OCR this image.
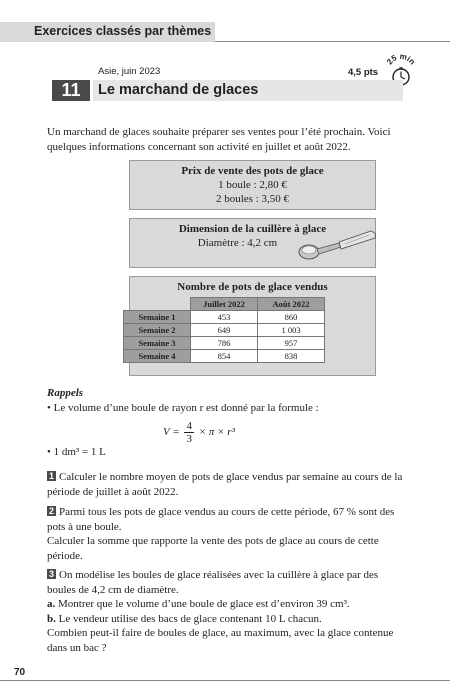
Exercices classés par thèmes
Asie, juin 2023	4,5 pts
25 min
11	Le marchand de glaces
Un marchand de glaces souhaite préparer ses ventes pour l’été prochain. Voici quelques informations concernant son activité en juillet et août 2022.
Prix de vente des pots de glace
1 boule : 2,80 €
2 boules : 3,50 €
Dimension de la cuillère à glace
Diamètre : 4,2 cm
Nombre de pots de glace vendus
	Juillet 2022	Août 2022
Semaine 1	453	860
Semaine 2	649	1 003
Semaine 3	786	957
Semaine 4	854	838
Rappels
• Le volume d’une boule de rayon r est donné par la formule :
$V = \frac{4}{3} \times \pi \times r^3$
• 1 dm³ = 1 L
1 Calculer le nombre moyen de pots de glace vendus par semaine au cours de la période de juillet à août 2022.
2 Parmi tous les pots de glace vendus au cours de cette période, 67 % sont des pots à une boule.
Calculer la somme que rapporte la vente des pots de glace au cours de cette période.
3 On modélise les boules de glace réalisées avec la cuillère à glace par des boules de 4,2 cm de diamètre.
a. Montrer que le volume d’une boule de glace est d’environ 39 cm³.
b. Le vendeur utilise des bacs de glace contenant 10 L chacun.
Combien peut-il faire de boules de glace, au maximum, avec la glace contenue dans un bac ?
70
